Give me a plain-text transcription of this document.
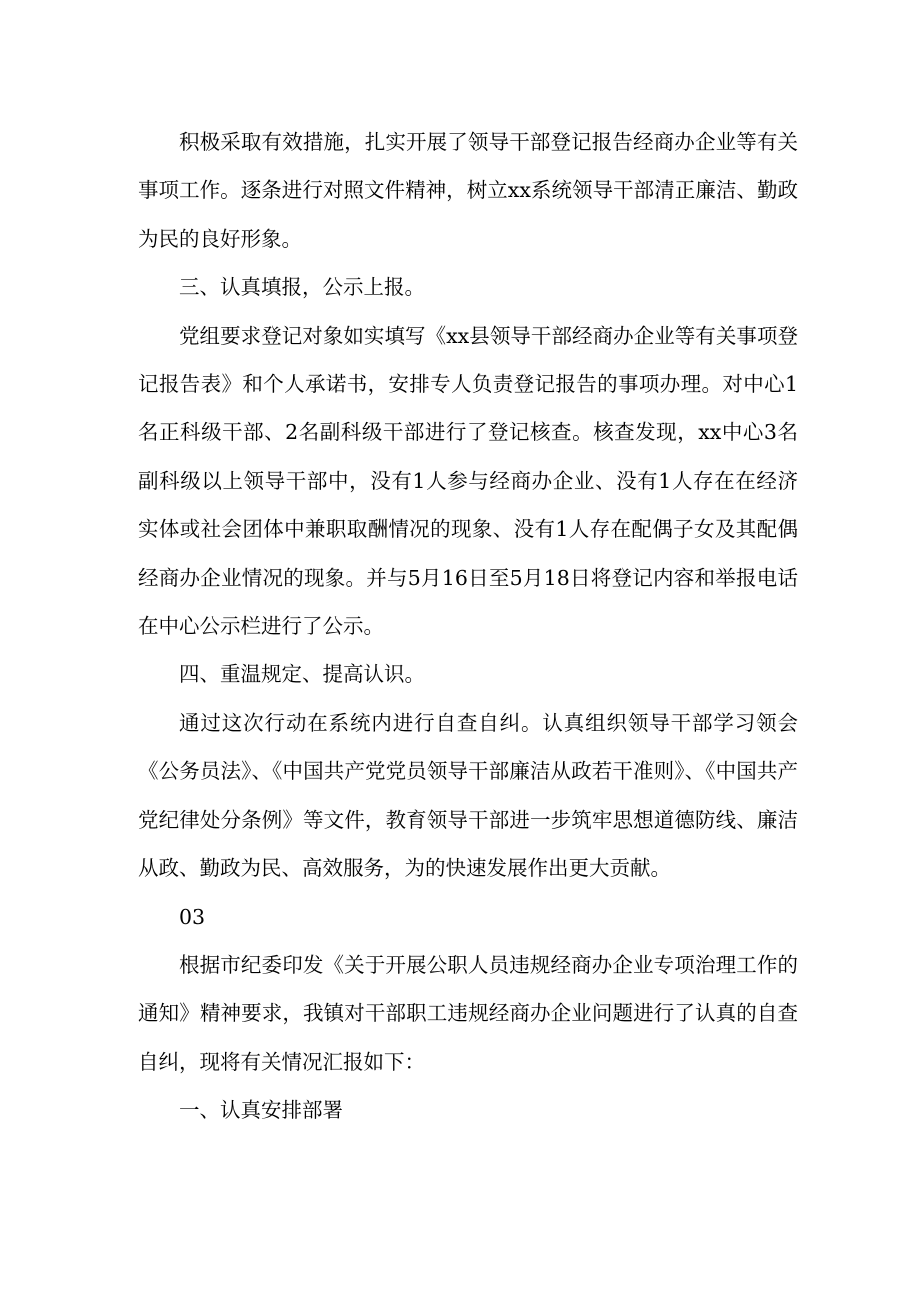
积极采取有效措施，扎实开展了领导干部登记报告经商办企业等有关事项工作。逐条进行对照文件精神，树立xx系统领导干部清正廉洁、勤政为民的良好形象。

三、认真填报，公示上报。

党组要求登记对象如实填写《xx县领导干部经商办企业等有关事项登记报告表》和个人承诺书，安排专人负责登记报告的事项办理。对中心1名正科级干部、2名副科级干部进行了登记核查。核查发现，xx中心3名副科级以上领导干部中，没有1人参与经商办企业、没有1人存在在经济实体或社会团体中兼职取酬情况的现象、没有1人存在配偶子女及其配偶经商办企业情况的现象。并与5月16日至5月18日将登记内容和举报电话在中心公示栏进行了公示。

四、重温规定、提高认识。

通过这次行动在系统内进行自查自纠。认真组织领导干部学习领会《公务员法》、《中国共产党党员领导干部廉洁从政若干准则》、《中国共产党纪律处分条例》等文件，教育领导干部进一步筑牢思想道德防线、廉洁从政、勤政为民、高效服务，为的快速发展作出更大贡献。

03

根据市纪委印发《关于开展公职人员违规经商办企业专项治理工作的通知》精神要求，我镇对干部职工违规经商办企业问题进行了认真的自查自纠，现将有关情况汇报如下：

一、认真安排部署
